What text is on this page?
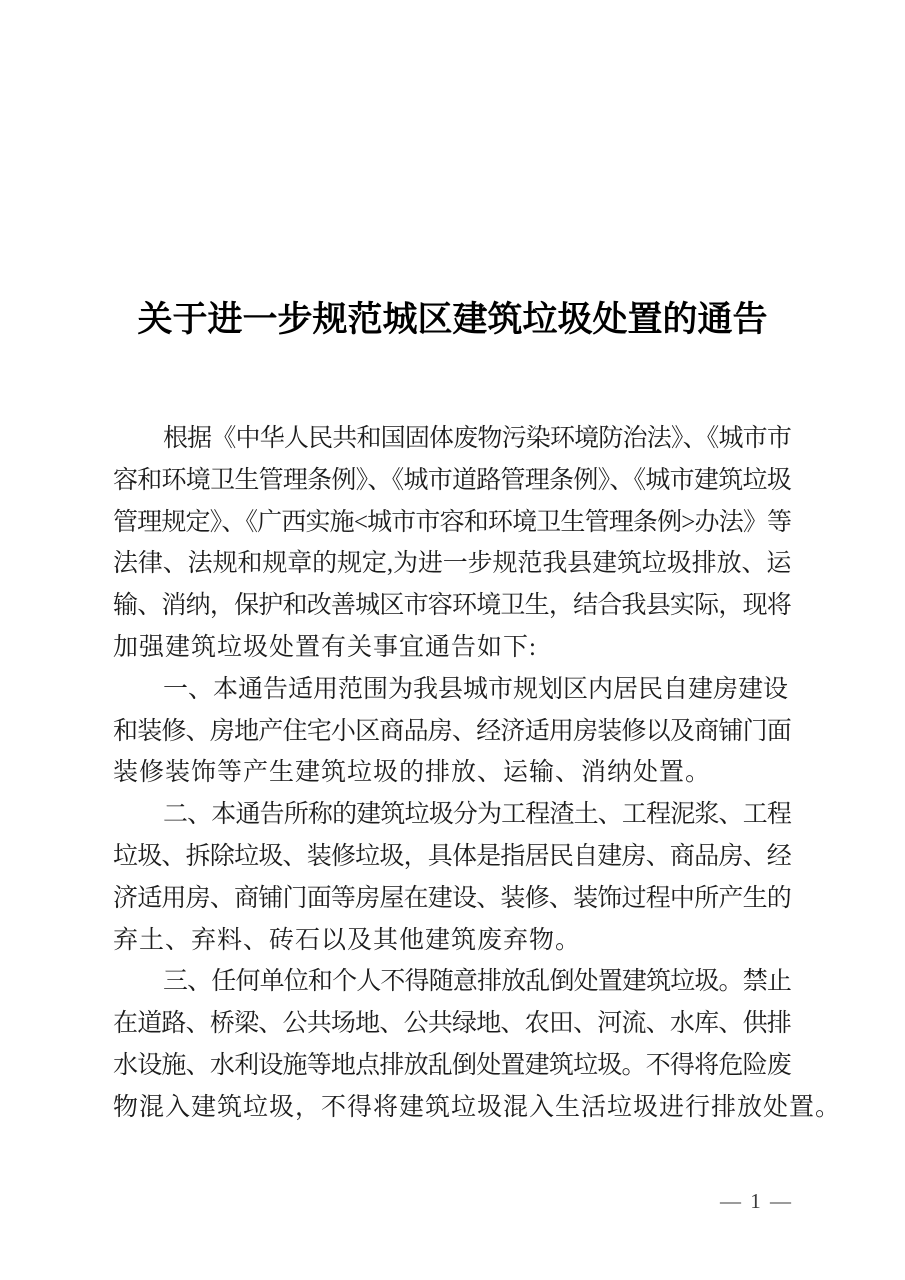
关于进一步规范城区建筑垃圾处置的通告
根据《中华人民共和国固体废物污染环境防治法》、《城市市
容和环境卫生管理条例》、《城市道路管理条例》、《城市建筑垃圾
管理规定》、《广西实施<城市市容和环境卫生管理条例>办法》等
法律、法规和规章的规定,为进一步规范我县建筑垃圾排放、运
输、消纳，保护和改善城区市容环境卫生，结合我县实际，现将
加强建筑垃圾处置有关事宜通告如下:
一、本通告适用范围为我县城市规划区内居民自建房建设
和装修、房地产住宅小区商品房、经济适用房装修以及商铺门面
装修装饰等产生建筑垃圾的排放、运输、消纳处置。
二、本通告所称的建筑垃圾分为工程渣土、工程泥浆、工程
垃圾、拆除垃圾、装修垃圾，具体是指居民自建房、商品房、经
济适用房、商铺门面等房屋在建设、装修、装饰过程中所产生的
弃土、弃料、砖石以及其他建筑废弃物。
三、任何单位和个人不得随意排放乱倒处置建筑垃圾。禁止
在道路、桥梁、公共场地、公共绿地、农田、河流、水库、供排
水设施、水利设施等地点排放乱倒处置建筑垃圾。不得将危险废
物混入建筑垃圾，不得将建筑垃圾混入生活垃圾进行排放处置。
— 1 —
